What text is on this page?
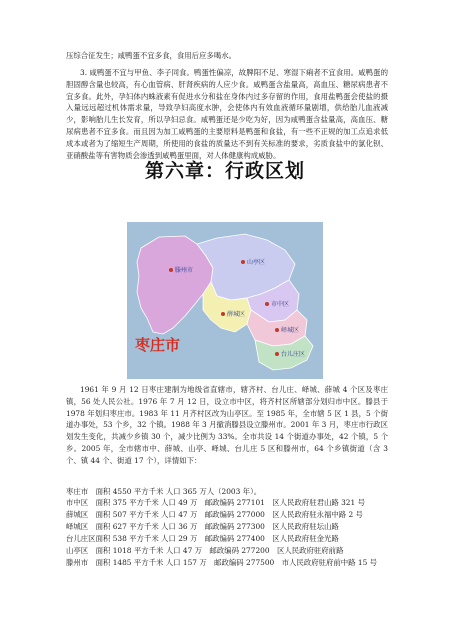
压综合征发生；咸鸭蛋不宜多食，食用后应多喝水。

3. 咸鸭蛋不宜与甲鱼、李子同食。鸭蛋性偏凉，故脾阳不足、寒湿下痢者不宜食用。咸鸭蛋的胆固醇含量也较高，有心血管病、肝肾疾病的人应少食。咸鸭蛋含盐量高，高血压、糖尿病患者不宜多食。此外，孕妇体内蛛液素有促进水分和盐在身体内过多存留的作用，食用盐鸭蛋会使盐的摄入量远远超过机体需求量，导致孕妇高度水肿，会使体内有效血液循环量剧增，供给胎儿血液减少，影响胎儿生长发育，所以孕妇忌食。咸鸭蛋还是少吃为好，因为咸鸭蛋含盐量高，高血压、糖尿病患者不宜多食。而且因为加工咸鸭蛋的主要原料是鸭蛋和食盐，有一些不正规的加工点追求低成本或者为了缩短生产周期，所使用的食盐的质量达不到有关标准的要求，劣质食盐中的氯化钡、亚硝酸盐等有害物质会渗透到咸鸭蛋里面，对人体健康构成威胁。

第六章：行政区划
滕州市
山亭区
薛城区
市中区
峄城区
台儿庄区
枣庄市

1961 年 9 月 12 日枣庄建制为地级省直辖市，辖齐村、台儿庄、峄城、薛城 4 个区及枣庄镇，56 处人民公社。1976 年 7 月 12 日，设立市中区，将齐村区所辖部分划归市中区。滕县于 1978 年划归枣庄市。1983 年 11 月齐村区改为山亭区。至 1985 年，全市辖 5 区 1 县，5 个街道办事处，53 个乡，32 个镇。1988 年 3 月撤消滕县设立滕州市。2001 年 3 月，枣庄市行政区划发生变化，共减少乡镇 30 个，减少比例为 33%。全市共设 14 个街道办事处，42 个镇，5 个乡。2005 年，全市辖市中、薛城、山亭、峄城、台儿庄 5 区和滕州市，64 个乡镇街道（含 3 个、镇 44 个、街道 17 个），详情如下：

枣庄市　面积 4550 平方千米 人口 365 万人（2003 年）。
市中区　面积 375 平方千米 人口 49 万　邮政编码 277101　区人民政府驻君山路 321 号
薛城区　面积 507 平方千米 人口 47 万　邮政编码 277000　区人民政府驻永福中路 2 号
峄城区　面积 627 平方千米 人口 36 万　邮政编码 277300　区人民政府驻坛山路
台儿庄区面积 538 平方千米 人口 29 万　邮政编码 277400　区人民政府驻金光路
山亭区　面积 1018 平方千米 人口 47 万　邮政编码 277200　区人民政府驻府前路
滕州市　面积 1485 平方千米 人口 157 万　邮政编码 277500　市人民政府驻府前中路 15 号
